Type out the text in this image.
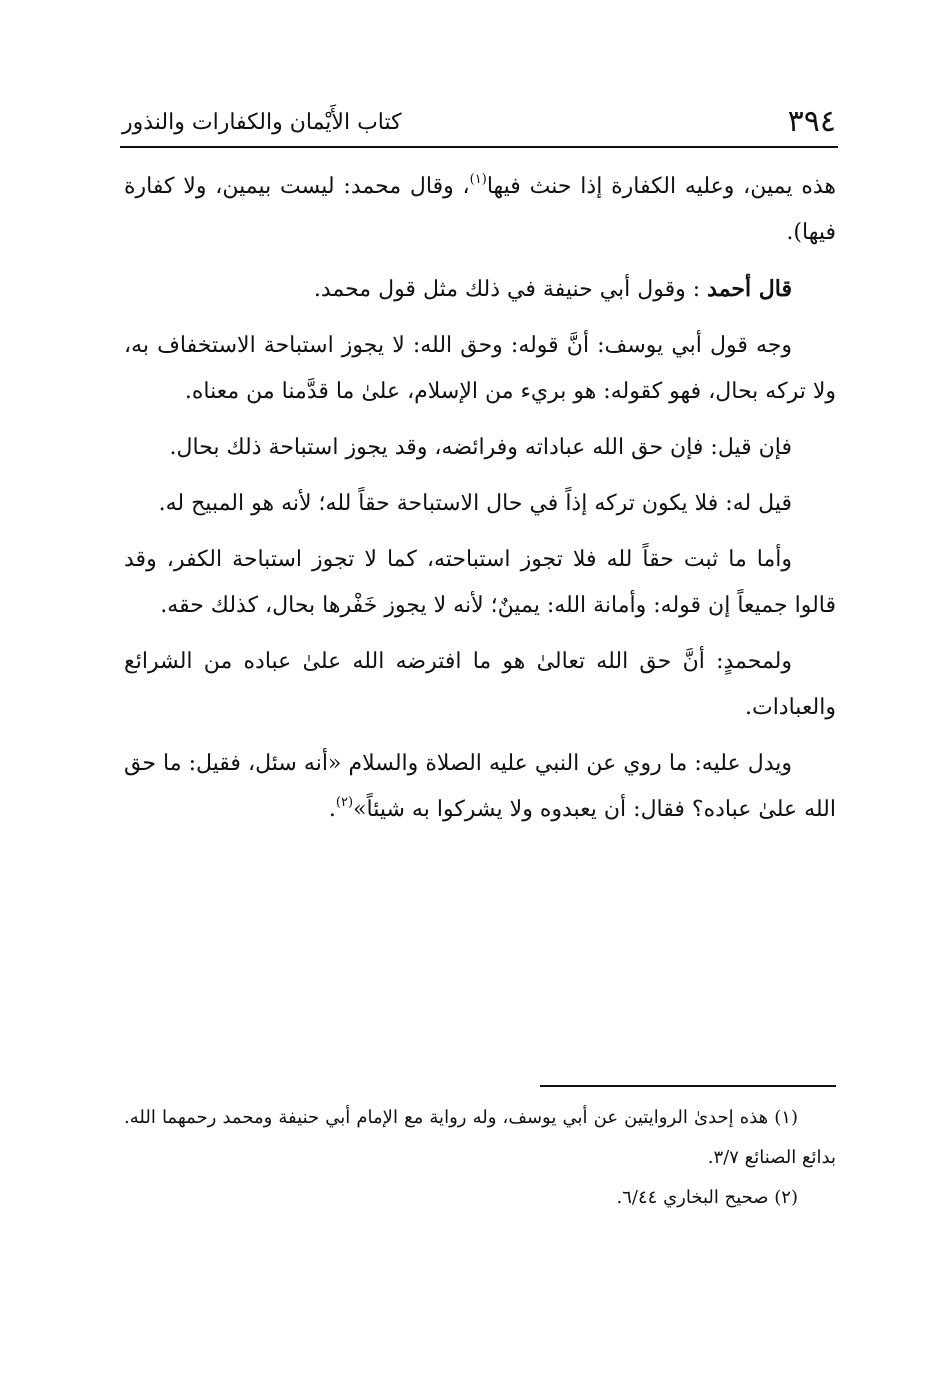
٣٩٤
كتاب الأَيْمان والكفارات والنذور

هذه يمين، وعليه الكفارة إذا حنث فيها$^{(١)}$، وقال محمد: ليست بيمين، ولا كفارة فيها).

قال أحمد : وقول أبي حنيفة في ذلك مثل قول محمد.

وجه قول أبي يوسف: أنَّ قوله: وحق الله: لا يجوز استباحة الاستخفاف به، ولا تركه بحال، فهو كقوله: هو بريء من الإسلام، علىٰ ما قدَّمنا من معناه.

فإن قيل: فإن حق الله عباداته وفرائضه، وقد يجوز استباحة ذلك بحال.

قيل له: فلا يكون تركه إذاً في حال الاستباحة حقاً لله؛ لأنه هو المبيح له.

وأما ما ثبت حقاً لله فلا تجوز استباحته، كما لا تجوز استباحة الكفر، وقد قالوا جميعاً إن قوله: وأمانة الله: يمينٌ؛ لأنه لا يجوز خَفْرها بحال، كذلك حقه.

ولمحمدٍ: أنَّ حق الله تعالىٰ هو ما افترضه الله علىٰ عباده من الشرائع والعبادات.

ويدل عليه: ما روي عن النبي عليه الصلاة والسلام «أنه سئل، فقيل: ما حق الله علىٰ عباده؟ فقال: أن يعبدوه ولا يشركوا به شيئاً»$^{(٢)}$.

(١) هذه إحدىٰ الروايتين عن أبي يوسف، وله رواية مع الإمام أبي حنيفة ومحمد رحمهما الله. بدائع الصنائع ٣/٧.

(٢) صحيح البخاري ٦/٤٤.
